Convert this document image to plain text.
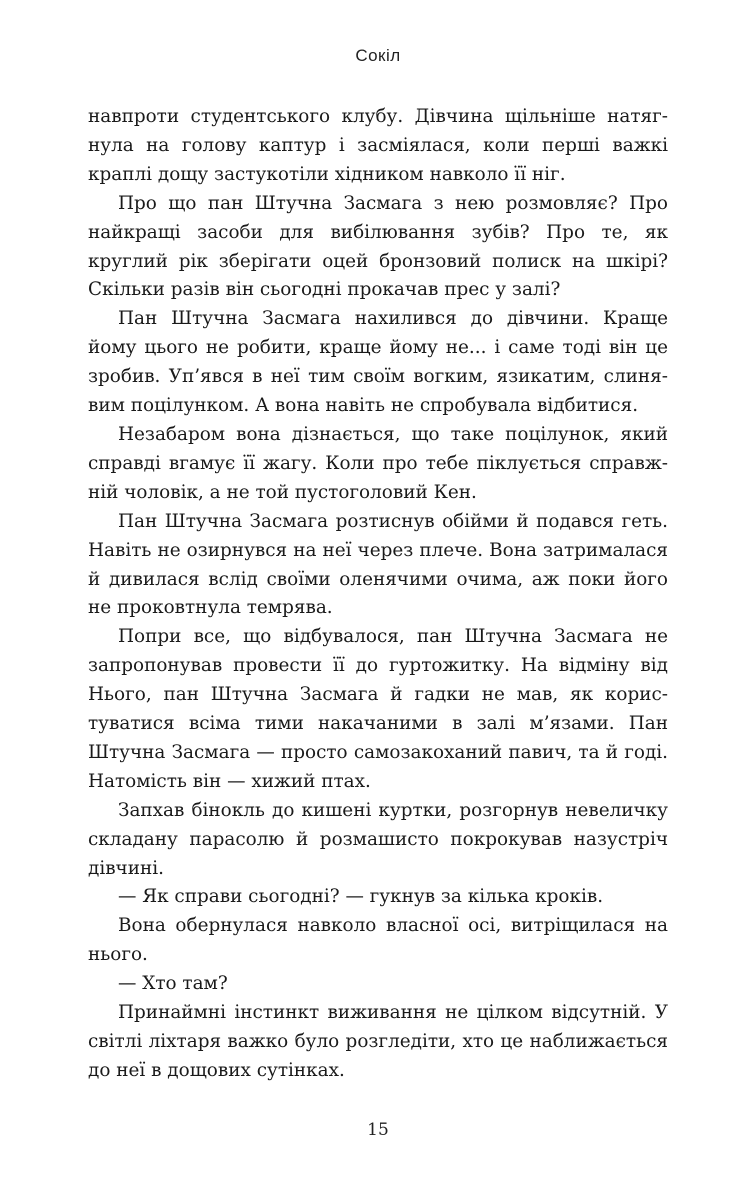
Сокіл

навпроти студентського клубу. Дівчина щільніше натягнула на голову каптур і засміялася, коли перші важкі краплі дощу застукотіли хідником навколо її ніг.

Про що пан Штучна Засмага з нею розмовляє? Про найкращі засоби для вибілювання зубів? Про те, як круглий рік зберігати оцей бронзовий полиск на шкірі? Скільки разів він сьогодні прокачав прес у залі?

Пан Штучна Засмага нахилився до дівчини. Краще йому цього не робити, краще йому не... і саме тоді він це зробив. Уп’явся в неї тим своїм вогким, язикатим, слинявим поцілунком. А вона навіть не спробувала відбитися.

Незабаром вона дізнається, що таке поцілунок, який справді вгамує її жагу. Коли про тебе піклується справжній чоловік, а не той пустоголовий Кен.

Пан Штучна Засмага розтиснув обійми й подався геть. Навіть не озирнувся на неї через плече. Вона затрималася й дивилася вслід своїми оленячими очима, аж поки його не проковтнула темрява.

Попри все, що відбувалося, пан Штучна Засмага не запропонував провести її до гуртожитку. На відміну від Нього, пан Штучна Засмага й гадки не мав, як користуватися всіма тими накачаними в залі м’язами. Пан Штучна Засмага — просто самозакоханий павич, та й годі. Натомість він — хижий птах.

Запхав бінокль до кишені куртки, розгорнув невеличку складану парасолю й розмашисто покрокував назустріч дівчині.

— Як справи сьогодні? — гукнув за кілька кроків.

Вона обернулася навколо власної осі, витріщилася на нього.

— Хто там?

Принаймні інстинкт виживання не цілком відсутній. У світлі ліхтаря важко було розгледіти, хто це наближається до неї в дощових сутінках.

15
